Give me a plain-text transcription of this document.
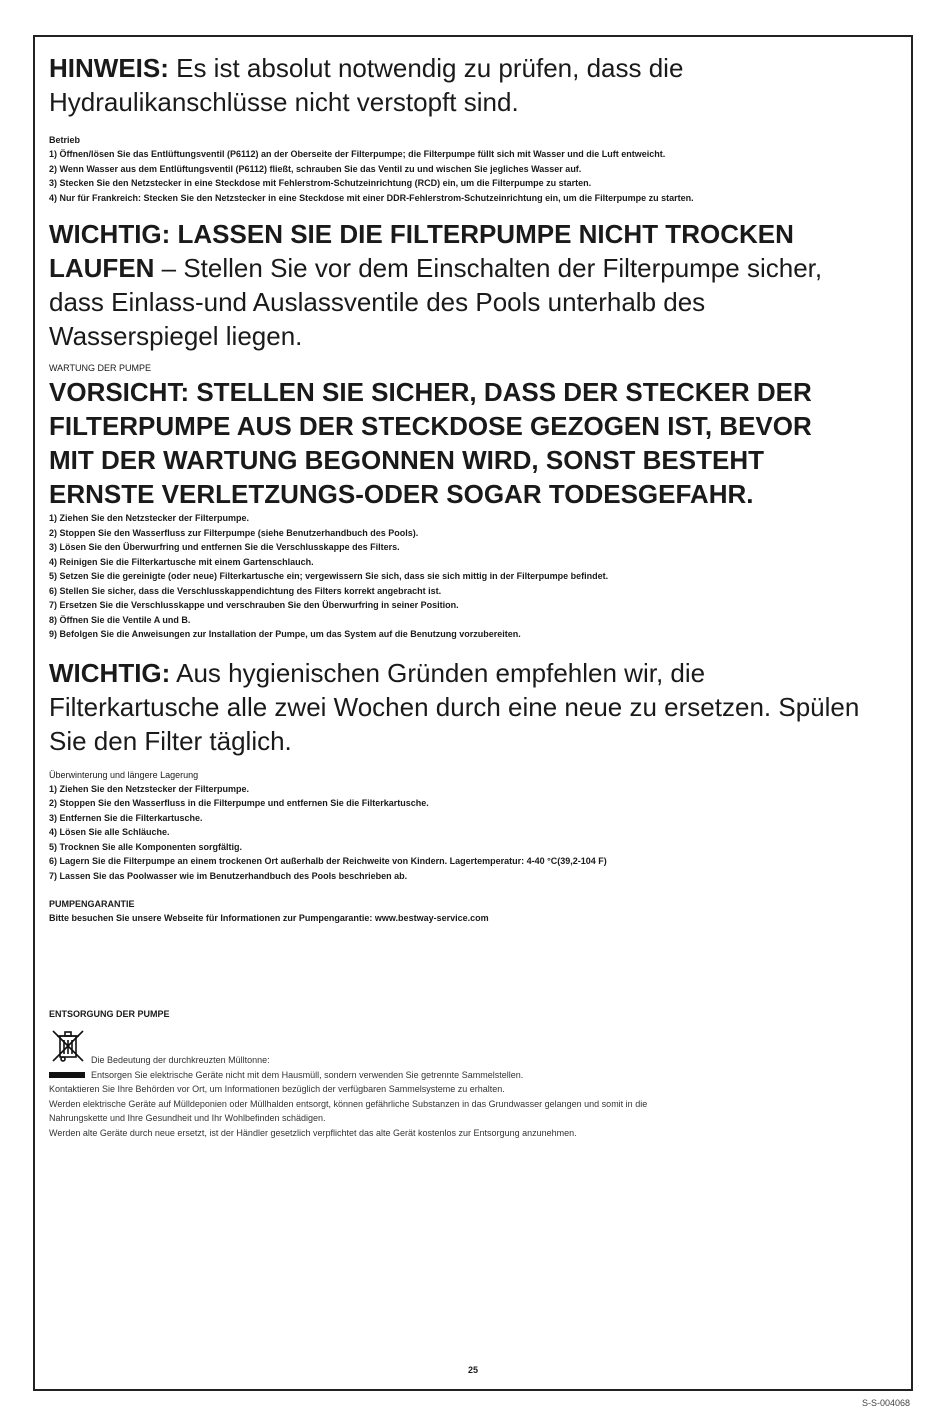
HINWEIS: Es ist absolut notwendig zu prüfen, dass die
Hydraulikanschlüsse nicht verstopft sind.

Betrieb

1) Öffnen/lösen Sie das Entlüftungsventil (P6112) an der Oberseite der Filterpumpe; die Filterpumpe füllt sich mit Wasser und die Luft entweicht.
2) Wenn Wasser aus dem Entlüftungsventil (P6112) fließt, schrauben Sie das Ventil zu und wischen Sie jegliches Wasser auf.
3) Stecken Sie den Netzstecker in eine Steckdose mit Fehlerstrom-Schutzeinrichtung (RCD) ein, um die Filterpumpe zu starten.
4) Nur für Frankreich: Stecken Sie den Netzstecker in eine Steckdose mit einer DDR-Fehlerstrom-Schutzeinrichtung ein, um die Filterpumpe zu starten.

WICHTIG: LASSEN SIE DIE FILTERPUMPE NICHT TROCKEN
LAUFEN – Stellen Sie vor dem Einschalten der Filterpumpe sicher,
dass Einlass-und Auslassventile des Pools unterhalb des
Wasserspiegel liegen.

WARTUNG DER PUMPE

VORSICHT: STELLEN SIE SICHER, DASS DER STECKER DER

FILTERPUMPE AUS DER STECKDOSE GEZOGEN IST, BEVOR

MIT DER WARTUNG BEGONNEN WIRD, SONST BESTEHT

ERNSTE VERLETZUNGS-ODER SOGAR TODESGEFAHR.

1) Ziehen Sie den Netzstecker der Filterpumpe.
2) Stoppen Sie den Wasserfluss zur Filterpumpe (siehe Benutzerhandbuch des Pools).
3) Lösen Sie den Überwurfring und entfernen Sie die Verschlusskappe des Filters.
4) Reinigen Sie die Filterkartusche mit einem Gartenschlauch.
5) Setzen Sie die gereinigte (oder neue) Filterkartusche ein; vergewissern Sie sich, dass sie sich mittig in der Filterpumpe befindet.
6) Stellen Sie sicher, dass die Verschlusskappendichtung des Filters korrekt angebracht ist.
7) Ersetzen Sie die Verschlusskappe und verschrauben Sie den Überwurfring in seiner Position.
8) Öffnen Sie die Ventile A und B.
9) Befolgen Sie die Anweisungen zur Installation der Pumpe, um das System auf die Benutzung vorzubereiten.

WICHTIG: Aus hygienischen Gründen empfehlen wir, die
Filterkartusche alle zwei Wochen durch eine neue zu ersetzen. Spülen
Sie den Filter täglich.

Überwinterung und längere Lagerung

1) Ziehen Sie den Netzstecker der Filterpumpe.
2) Stoppen Sie den Wasserfluss in die Filterpumpe und entfernen Sie die Filterkartusche.
3) Entfernen Sie die Filterkartusche.
4) Lösen Sie alle Schläuche.
5) Trocknen Sie alle Komponenten sorgfältig.
6) Lagern Sie die Filterpumpe an einem trockenen Ort außerhalb der Reichweite von Kindern. Lagertemperatur: 4-40 °C(39,2-104 F)
7) Lassen Sie das Poolwasser wie im Benutzerhandbuch des Pools beschrieben ab.

PUMPENGARANTIE

Bitte besuchen Sie unsere Webseite für Informationen zur Pumpengarantie: www.bestway-service.com

ENTSORGUNG DER PUMPE

Die Bedeutung der durchkreuzten Mülltonne:
Entsorgen Sie elektrische Geräte nicht mit dem Hausmüll, sondern verwenden Sie getrennte Sammelstellen.
Kontaktieren Sie Ihre Behörden vor Ort, um Informationen bezüglich der verfügbaren Sammelsysteme zu erhalten.
Werden elektrische Geräte auf Mülldeponien oder Müllhalden entsorgt, können gefährliche Substanzen in das Grundwasser gelangen und somit in die
Nahrungskette und Ihre Gesundheit und Ihr Wohlbefinden schädigen.
Werden alte Geräte durch neue ersetzt, ist der Händler gesetzlich verpflichtet das alte Gerät kostenlos zur Entsorgung anzunehmen.
25
S-S-004068
